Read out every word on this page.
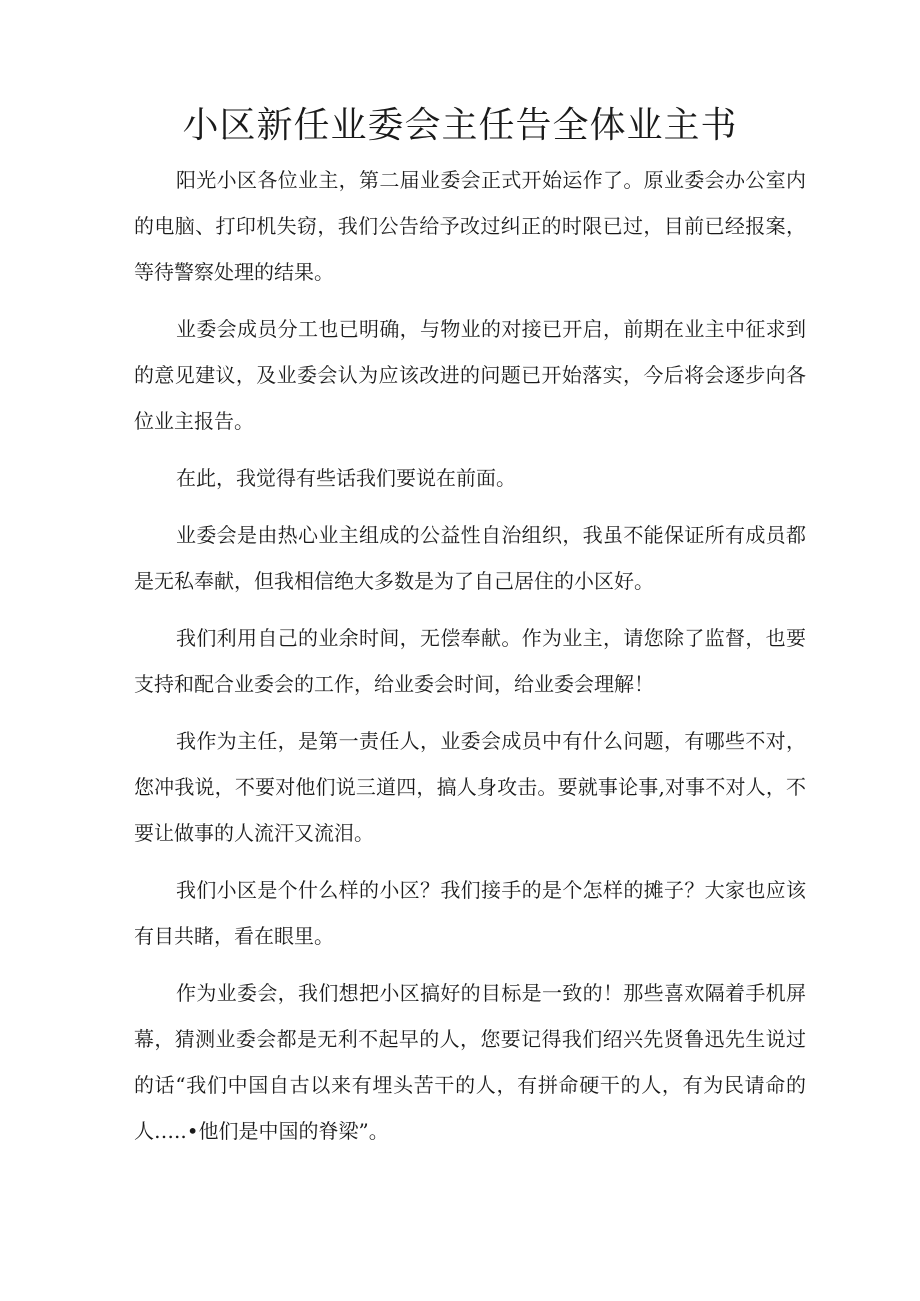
小区新任业委会主任告全体业主书

阳光小区各位业主，第二届业委会正式开始运作了。原业委会办公室内的电脑、打印机失窃，我们公告给予改过纠正的时限已过，目前已经报案，等待警察处理的结果。

业委会成员分工也已明确，与物业的对接已开启，前期在业主中征求到的意见建议，及业委会认为应该改进的问题已开始落实，今后将会逐步向各位业主报告。

在此，我觉得有些话我们要说在前面。

业委会是由热心业主组成的公益性自治组织，我虽不能保证所有成员都是无私奉献，但我相信绝大多数是为了自己居住的小区好。

我们利用自己的业余时间，无偿奉献。作为业主，请您除了监督，也要支持和配合业委会的工作，给业委会时间，给业委会理解！

我作为主任，是第一责任人，业委会成员中有什么问题，有哪些不对，您冲我说，不要对他们说三道四，搞人身攻击。要就事论事,对事不对人，不要让做事的人流汗又流泪。

我们小区是个什么样的小区？我们接手的是个怎样的摊子？大家也应该有目共睹，看在眼里。

作为业委会，我们想把小区搞好的目标是一致的！那些喜欢隔着手机屏幕，猜测业委会都是无利不起早的人，您要记得我们绍兴先贤鲁迅先生说过的话“我们中国自古以来有埋头苦干的人，有拼命硬干的人，有为民请命的人…..•他们是中国的脊梁”。
